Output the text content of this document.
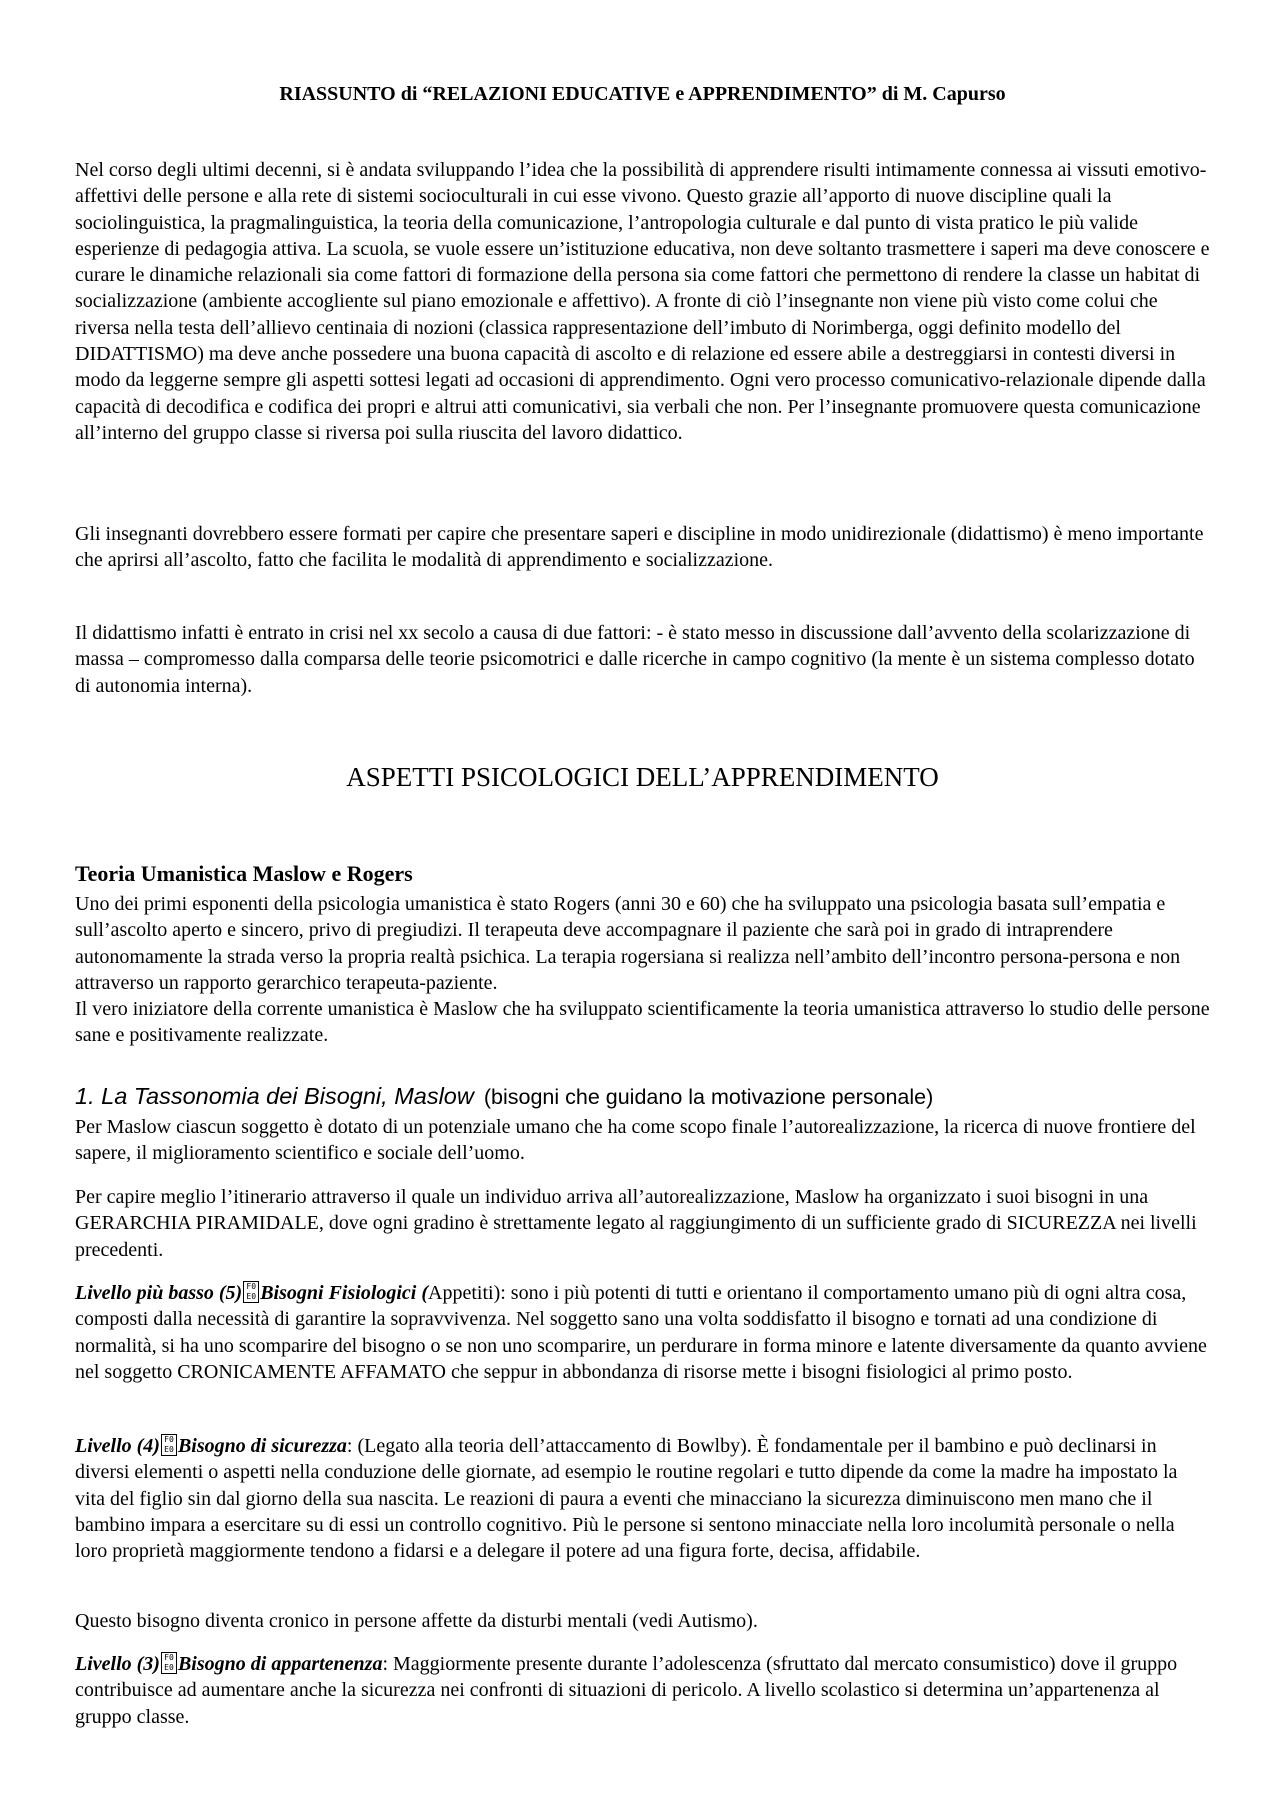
RIASSUNTO di “RELAZIONI EDUCATIVE e APPRENDIMENTO” di M. Capurso

Nel corso degli ultimi decenni, si è andata sviluppando l’idea che la possibilità di apprendere risulti intimamente connessa ai vissuti emotivo-affettivi delle persone e alla rete di sistemi socioculturali in cui esse vivono. Questo grazie all’apporto di nuove discipline quali la sociolinguistica, la pragmalinguistica, la teoria della comunicazione, l’antropologia culturale e dal punto di vista pratico le più valide esperienze di pedagogia attiva. La scuola, se vuole essere un’istituzione educativa, non deve soltanto trasmettere i saperi ma deve conoscere e curare le dinamiche relazionali sia come fattori di formazione della persona sia come fattori che permettono di rendere la classe un habitat di socializzazione (ambiente accogliente sul piano emozionale e affettivo). A fronte di ciò l’insegnante non viene più visto come colui che riversa nella testa dell’allievo centinaia di nozioni (classica rappresentazione dell’imbuto di Norimberga, oggi definito modello del DIDATTISMO) ma deve anche possedere una buona capacità di ascolto e di relazione ed essere abile a destreggiarsi in contesti diversi in modo da leggerne sempre gli aspetti sottesi legati ad occasioni di apprendimento. Ogni vero processo comunicativo-relazionale dipende dalla capacità di decodifica e codifica dei propri e altrui atti comunicativi, sia verbali che non. Per l’insegnante promuovere questa comunicazione all’interno del gruppo classe si riversa poi sulla riuscita del lavoro didattico.

Gli insegnanti dovrebbero essere formati per capire che presentare saperi e discipline in modo unidirezionale (didattismo) è meno importante che aprirsi all’ascolto, fatto che facilita le modalità di apprendimento e socializzazione.

Il didattismo infatti è entrato in crisi nel xx secolo a causa di due fattori: - è stato messo in discussione dall’avvento della scolarizzazione di massa – compromesso dalla comparsa delle teorie psicomotrici e dalle ricerche in campo cognitivo (la mente è un sistema complesso dotato di autonomia interna).

ASPETTI PSICOLOGICI DELL’APPRENDIMENTO
Teoria Umanistica Maslow e Rogers

Uno dei primi esponenti della psicologia umanistica è stato Rogers (anni 30 e 60) che ha sviluppato una psicologia basata sull’empatia e sull’ascolto aperto e sincero, privo di pregiudizi. Il terapeuta deve accompagnare il paziente che sarà poi in grado di intraprendere autonomamente la strada verso la propria realtà psichica. La terapia rogersiana si realizza nell’ambito dell’incontro persona-persona e non attraverso un rapporto gerarchico terapeuta-paziente.

Il vero iniziatore della corrente umanistica è Maslow che ha sviluppato scientificamente la teoria umanistica attraverso lo studio delle persone sane e positivamente realizzate.

1. La Tassonomia dei Bisogni, Maslow (bisogni che guidano la motivazione personale)

Per Maslow ciascun soggetto è dotato di un potenziale umano che ha come scopo finale l’autorealizzazione, la ricerca di nuove frontiere del sapere, il miglioramento scientifico e sociale dell’uomo.

Per capire meglio l’itinerario attraverso il quale un individuo arriva all’autorealizzazione, Maslow ha organizzato i suoi bisogni in una GERARCHIA PIRAMIDALE, dove ogni gradino è strettamente legato al raggiungimento di un sufficiente grado di SICUREZZA nei livelli precedenti.

Livello più basso (5) F0 E0 Bisogni Fisiologici (Appetiti): sono i più potenti di tutti e orientano il comportamento umano più di ogni altra cosa, composti dalla necessità di garantire la sopravvivenza. Nel soggetto sano una volta soddisfatto il bisogno e tornati ad una condizione di normalità, si ha uno scomparire del bisogno o se non uno scomparire, un perdurare in forma minore e latente diversamente da quanto avviene nel soggetto CRONICAMENTE AFFAMATO che seppur in abbondanza di risorse mette i bisogni fisiologici al primo posto.

Livello (4) F0 E0 Bisogno di sicurezza: (Legato alla teoria dell’attaccamento di Bowlby). È fondamentale per il bambino e può declinarsi in diversi elementi o aspetti nella conduzione delle giornate, ad esempio le routine regolari e tutto dipende da come la madre ha impostato la vita del figlio sin dal giorno della sua nascita. Le reazioni di paura a eventi che minacciano la sicurezza diminuiscono men mano che il bambino impara a esercitare su di essi un controllo cognitivo. Più le persone si sentono minacciate nella loro incolumità personale o nella loro proprietà maggiormente tendono a fidarsi e a delegare il potere ad una figura forte, decisa, affidabile.

Questo bisogno diventa cronico in persone affette da disturbi mentali (vedi Autismo).

Livello (3) F0 E0 Bisogno di appartenenza: Maggiormente presente durante l’adolescenza (sfruttato dal mercato consumistico) dove il gruppo contribuisce ad aumentare anche la sicurezza nei confronti di situazioni di pericolo. A livello scolastico si determina un’appartenenza al gruppo classe.
